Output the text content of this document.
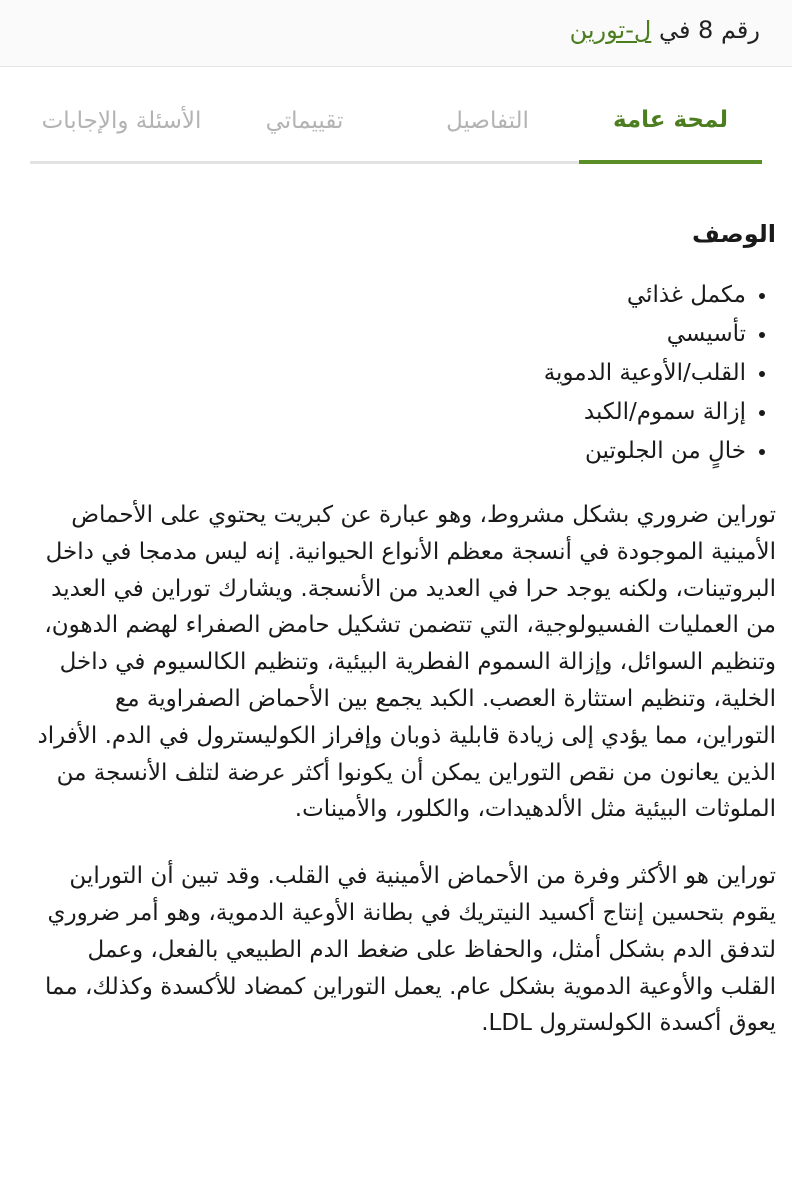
رقم 8 في ل-تورين
لمحة عامة
التفاصيل
تقييماتي
الأسئلة والإجابات
الوصف
• مكمل غذائي
• تأسيسي
• القلب/الأوعية الدموية
• إزالة سموم/الكبد
• خالٍ من الجلوتين

تورا‌ين ضروري بشكل مشروط، وهو عبارة عن كبريت يحتوي على الأحماض الأمينية الموجودة في أنسجة معظم الأنواع الحيوانية. إنه ليس مدمجا في داخل البروتينات، ولكنه يوجد حرا في العديد من الأنسجة. ويشارك تورا‌ين في العديد من العمليات الفسيولوجية، التي تتضمن تشكيل حامض الصفراء لهضم الدهون، وتنظيم السوائل، وإزالة السموم الفطرية البيئية، وتنظيم الكالسيوم في داخل الخلية، وتنظيم استثارة العصب. الكبد يجمع بين الأحماض الصفراوية مع التوراين، مما يؤدي إلى زيادة قابلية ذوبان وإفراز الكوليسترول في الدم. الأفراد الذين يعانون من نقص التوراين يمكن أن يكونوا أكثر عرضة لتلف الأنسجة من الملوثات البيئية مثل الألدهيدات، والكلور، والأمينات.

تورا‌ين هو الأكثر وفرة من الأحماض الأمينية في القلب. وقد تبين أن التوراين يقوم بتحسين إنتاج أكسيد النيتريك في بطانة الأوعية الدموية، وهو أمر ضروري لتدفق الدم بشكل أمثل، والحفاظ على ضغط الدم الطبيعي بالفعل، وعمل القلب والأوعية الدموية بشكل عام. يعمل التوراين كمضاد للأكسدة وكذلك، مما يعوق أكسدة الكولسترول LDL.
